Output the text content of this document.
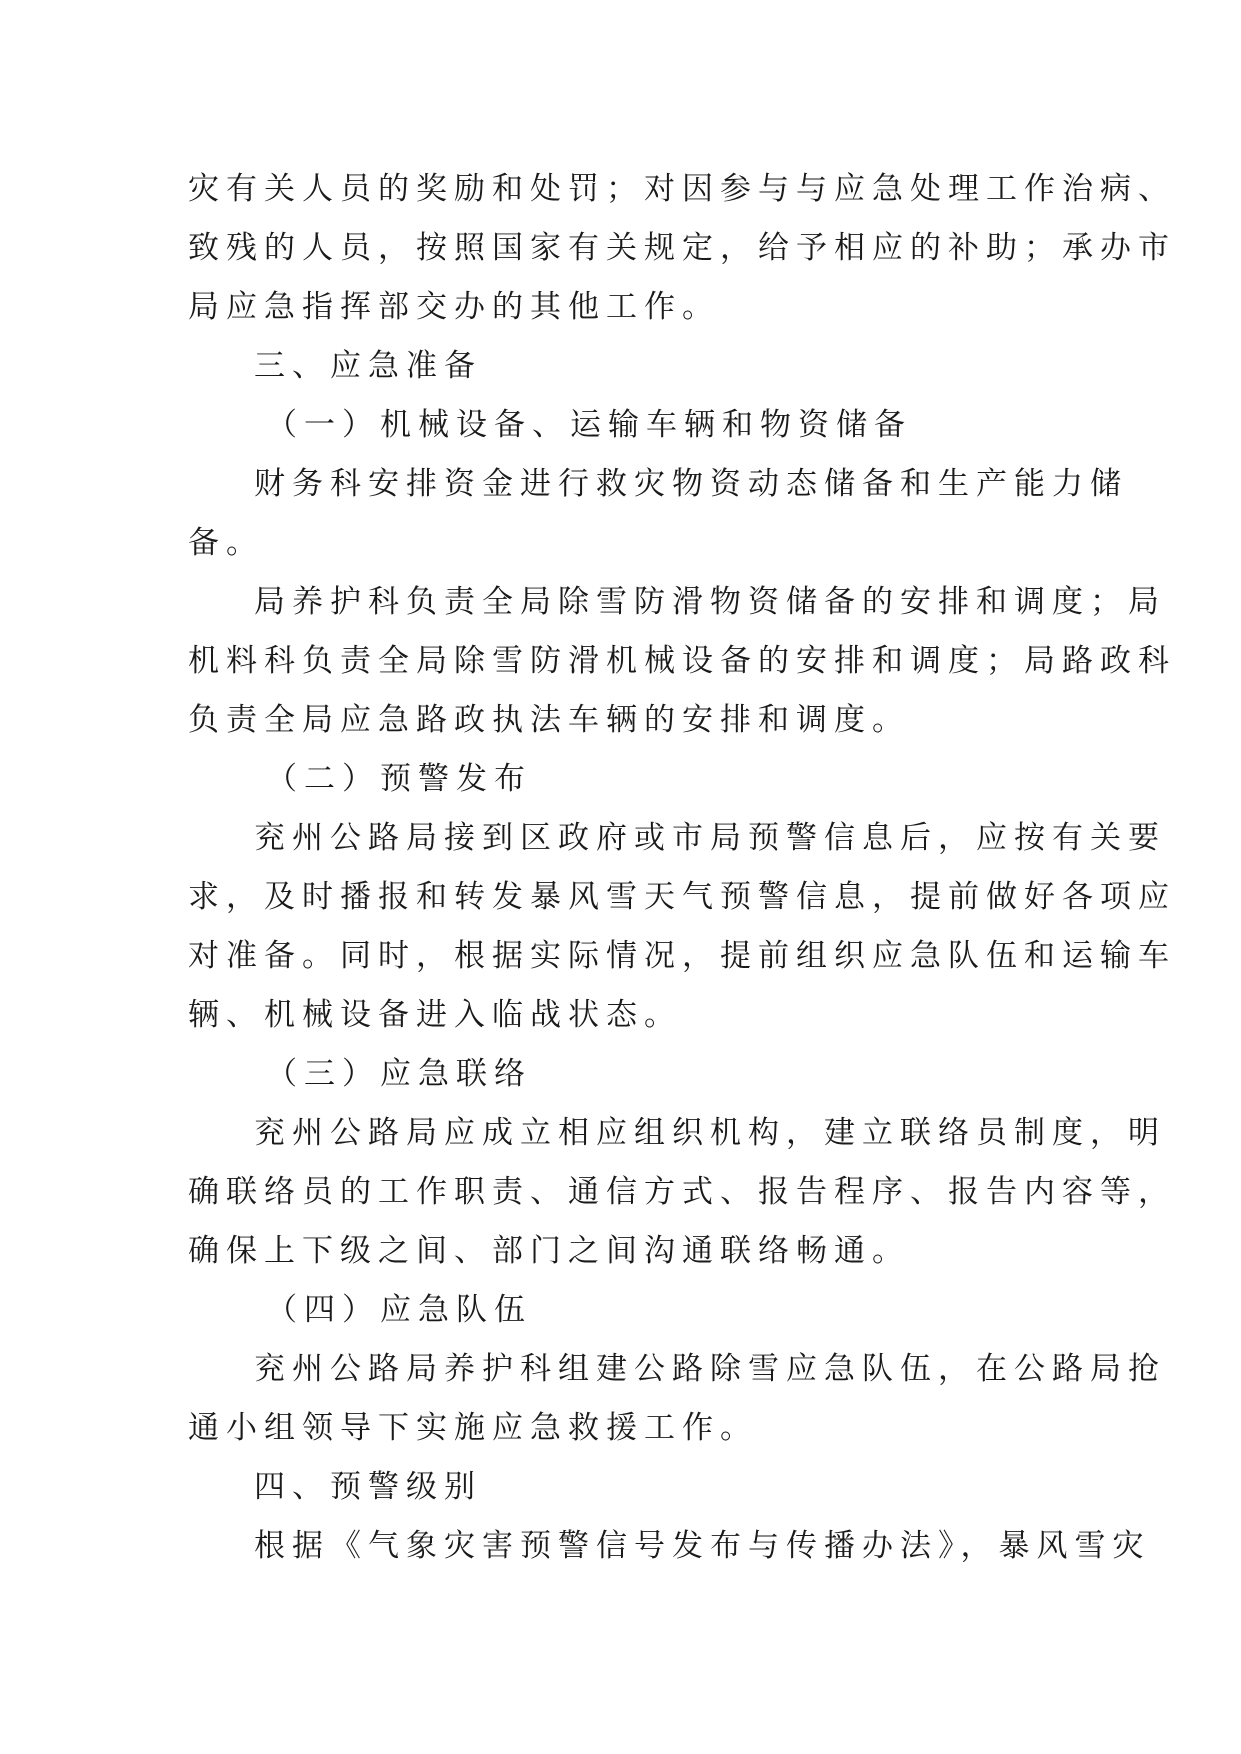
灾有关人员的奖励和处罚；对因参与与应急处理工作治病、
致残的人员，按照国家有关规定，给予相应的补助；承办市
局应急指挥部交办的其他工作。
三、应急准备
（一）机械设备、运输车辆和物资储备
财务科安排资金进行救灾物资动态储备和生产能力储
备。
局养护科负责全局除雪防滑物资储备的安排和调度；局
机料科负责全局除雪防滑机械设备的安排和调度；局路政科
负责全局应急路政执法车辆的安排和调度。
（二）预警发布
兖州公路局接到区政府或市局预警信息后，应按有关要
求，及时播报和转发暴风雪天气预警信息，提前做好各项应
对准备。同时，根据实际情况，提前组织应急队伍和运输车
辆、机械设备进入临战状态。
（三）应急联络
兖州公路局应成立相应组织机构，建立联络员制度，明
确联络员的工作职责、通信方式、报告程序、报告内容等，
确保上下级之间、部门之间沟通联络畅通。
（四）应急队伍
兖州公路局养护科组建公路除雪应急队伍，在公路局抢
通小组领导下实施应急救援工作。
四、预警级别
根据《气象灾害预警信号发布与传播办法》，暴风雪灾
